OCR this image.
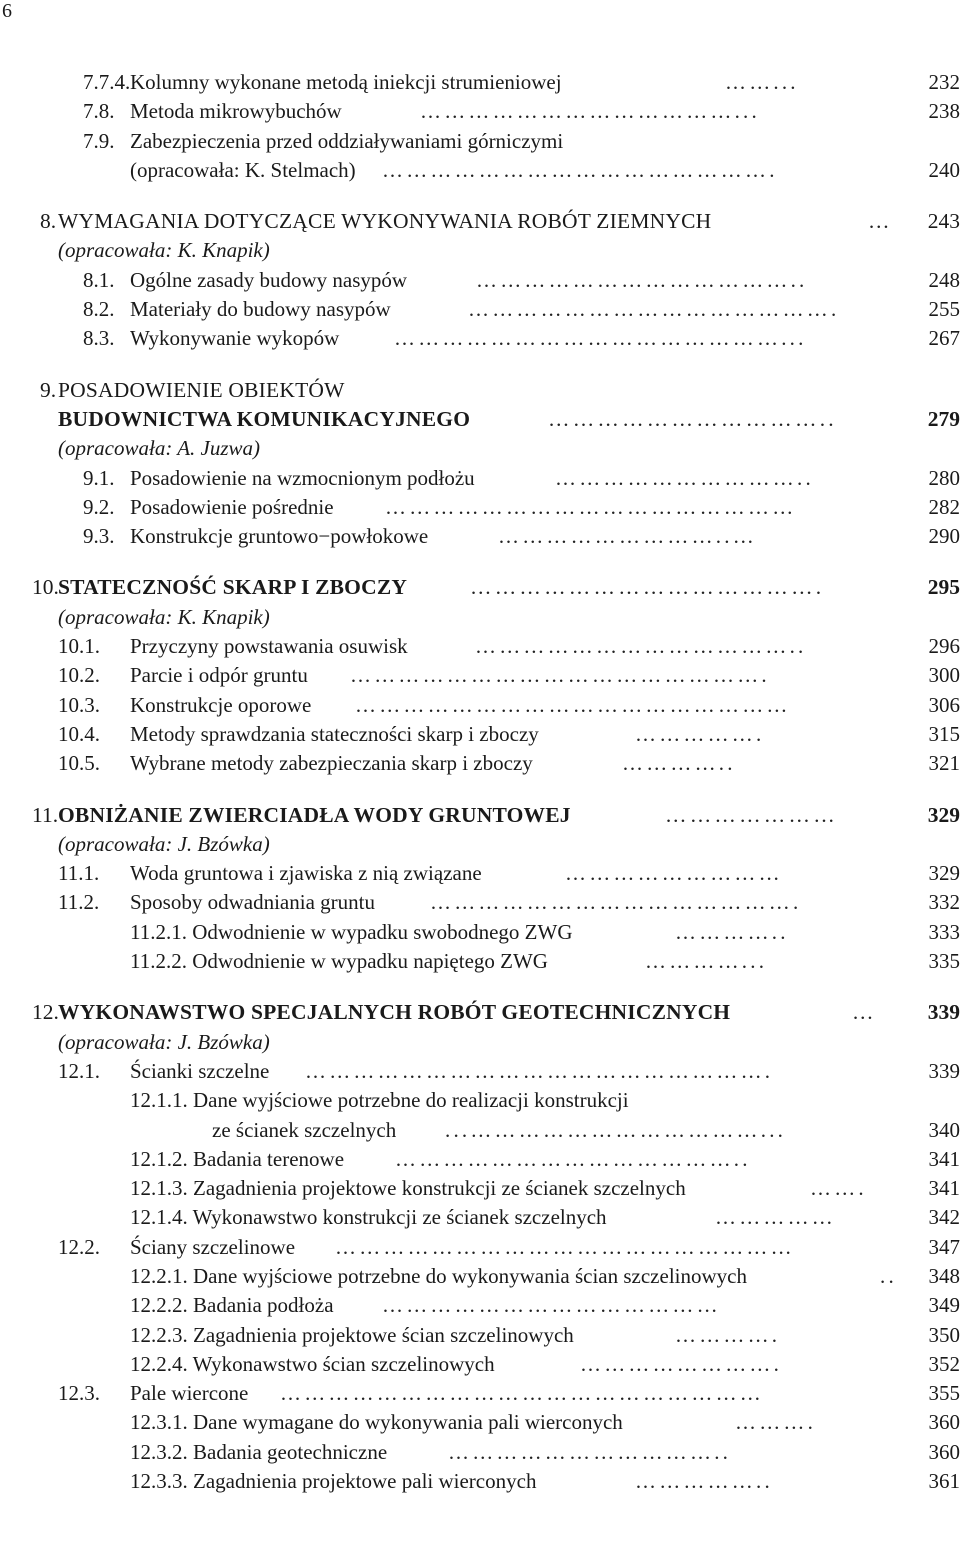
6
7.7.4. Kolumny wykonane metodą iniekcji strumieniowej	……...	232
7.8. Metoda mikrowybuchów	…………………………………...	238
7.9. Zabezpieczenia przed oddziaływaniami górniczymi
(opracowała: K. Stelmach) ………………………………………….	240
8. WYMAGANIA DOTYCZĄCE WYKONYWANIA ROBÓT ZIEMNYCH	…	243
(opracowała: K. Knapik)
8.1. Ogólne zasady budowy nasypów	…………………………………..	248
8.2. Materiały do budowy nasypów	……………………………………….	255
8.3. Wykonywanie wykopów	…………………………………………...	267
9. POSADOWIENIE OBIEKTÓW
BUDOWNICTWA KOMUNIKACYJNEGO	……………………………..	279
(opracowała: A. Juzwa)
9.1. Posadowienie na wzmocnionym podłożu	…………………………..	280
9.2. Posadowienie pośrednie ……………………………………………	282
9.3. Konstrukcje gruntowo−powłokowe	………………………..…	290
10. STATECZNOŚĆ SKARP I ZBOCZY	…………………………………….	295
(opracowała: K. Knapik)
10.1. Przyczyny powstawania osuwisk	…………………………………..	296
10.2. Parcie i odpór gruntu …………………………………………….	300
10.3. Konstrukcje oporowe ………………………………………………	306
10.4. Metody sprawdzania stateczności skarp i zboczy	…………….	315
10.5. Wybrane metody zabezpieczania skarp i zboczy	…………..	321
11. OBNIŻANIE ZWIERCIADŁA WODY GRUNTOWEJ	…………………	329
(opracowała: J. Bzówka)
11.1. Woda gruntowa i zjawiska z nią związane	………………………	329
11.2. Sposoby odwadniania gruntu	……………………………………….	332
11.2.1. Odwodnienie w wypadku swobodnego ZWG	…………..	333
11.2.2. Odwodnienie w wypadku napiętego ZWG	…………...	335
12. WYKONAWSTWO SPECJALNYCH ROBÓT GEOTECHNICZNYCH	…	339
(opracowała: J. Bzówka)
12.1. Ścianki szczelne ………………………………………………….	339
12.1.1. Dane wyjściowe potrzebne do realizacji konstrukcji
ze ścianek szczelnych ...………………………………...	340
12.1.2. Badania terenowe ……………………………………..	341
12.1.3. Zagadnienia projektowe konstrukcji ze ścianek szczelnych	…….	341
12.1.4. Wykonawstwo konstrukcji ze ścianek szczelnych	……………	342
12.2. Ściany szczelinowe …………………………………………………	347
12.2.1. Dane wyjściowe potrzebne do wykonywania ścian szczelinowych	..	348
12.2.2. Badania podłoża ……………………………………	349
12.2.3. Zagadnienia projektowe ścian szczelinowych	………….	350
12.2.4. Wykonawstwo ścian szczelinowych	…………………….	352
12.3. Pale wiercone ……………………………………………………	355
12.3.1. Dane wymagane do wykonywania pali wierconych	……….	360
12.3.2. Badania geotechniczne	……………………………..	360
12.3.3. Zagadnienia projektowe pali wierconych	……………..	361
